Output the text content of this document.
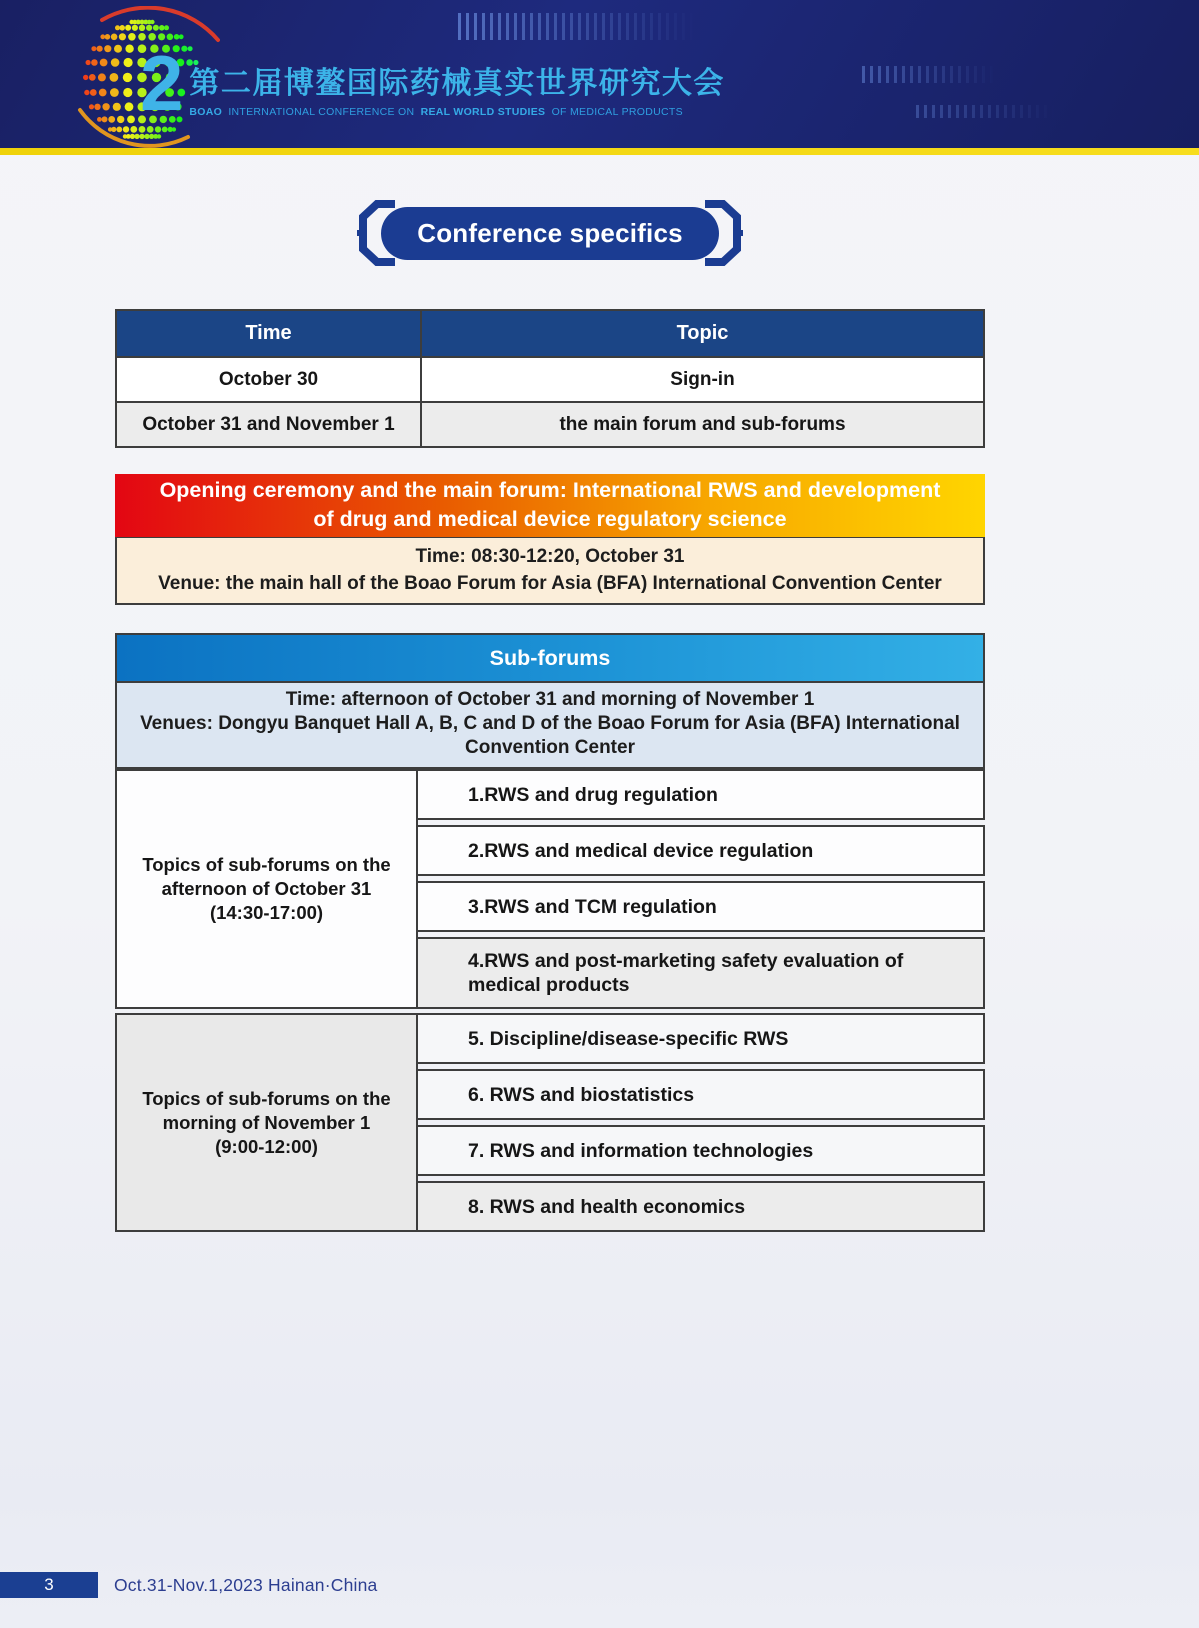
2 第二届博鳌国际药械真实世界研究大会
BOAO INTERNATIONAL CONFERENCE ON REAL WORLD STUDIES OF MEDICAL PRODUCTS
Conference specifics
Time	Topic
October 30	Sign-in
October 31 and November 1	the main forum and sub-forums
Opening ceremony and the main forum: International RWS and development
of drug and medical device regulatory science
Time: 08:30-12:20, October 31
Venue: the main hall of the Boao Forum for Asia (BFA) International Convention Center
Sub-forums
Time: afternoon of October 31 and morning of November 1
Venues: Dongyu Banquet Hall A, B, C and D of the Boao Forum for Asia (BFA) International Convention Center
Topics of sub-forums on the afternoon of October 31
(14:30-17:00)
1.RWS and drug regulation
2.RWS and medical device regulation
3.RWS and TCM regulation
4.RWS and post-marketing safety evaluation of medical products
Topics of sub-forums on the morning of November 1
(9:00-12:00)
5. Discipline/disease-specific RWS
6. RWS and biostatistics
7. RWS and information technologies
8. RWS and health economics
3	Oct.31-Nov.1,2023 Hainan·China
